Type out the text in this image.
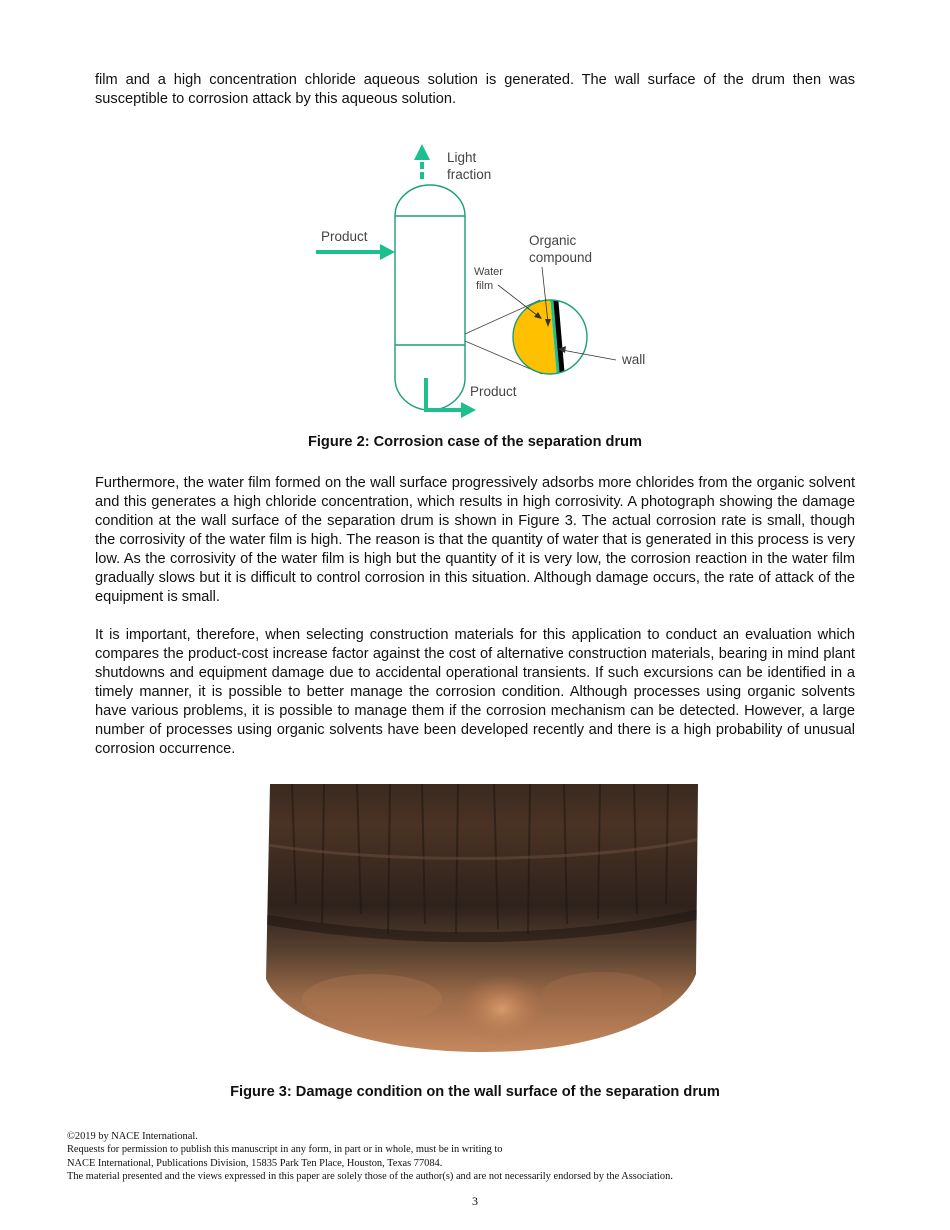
film and a high concentration chloride aqueous solution is generated. The wall surface of the drum then was susceptible to corrosion attack by this aqueous solution.

Light
fraction
Product
Product
Organic
compound
Water
film
wall

Figure 2: Corrosion case of the separation drum

Furthermore, the water film formed on the wall surface progressively adsorbs more chlorides from the organic solvent and this generates a high chloride concentration, which results in high corrosivity. A photograph showing the damage condition at the wall surface of the separation drum is shown in Figure 3. The actual corrosion rate is small, though the corrosivity of the water film is high. The reason is that the quantity of water that is generated in this process is very low. As the corrosivity of the water film is high but the quantity of it is very low, the corrosion reaction in the water film gradually slows but it is difficult to control corrosion in this situation. Although damage occurs, the rate of attack of the equipment is small.

It is important, therefore, when selecting construction materials for this application to conduct an evaluation which compares the product-cost increase factor against the cost of alternative construction materials, bearing in mind plant shutdowns and equipment damage due to accidental operational transients. If such excursions can be identified in a timely manner, it is possible to better manage the corrosion condition. Although processes using organic solvents have various problems, it is possible to manage them if the corrosion mechanism can be detected. However, a large number of processes using organic solvents have been developed recently and there is a high probability of unusual corrosion occurrence.

Figure 3: Damage condition on the wall surface of the separation drum

©2019 by NACE International.
Requests for permission to publish this manuscript in any form, in part or in whole, must be in writing to
NACE International, Publications Division, 15835 Park Ten Place, Houston, Texas 77084.
The material presented and the views expressed in this paper are solely those of the author(s) and are not necessarily endorsed by the Association.
3
